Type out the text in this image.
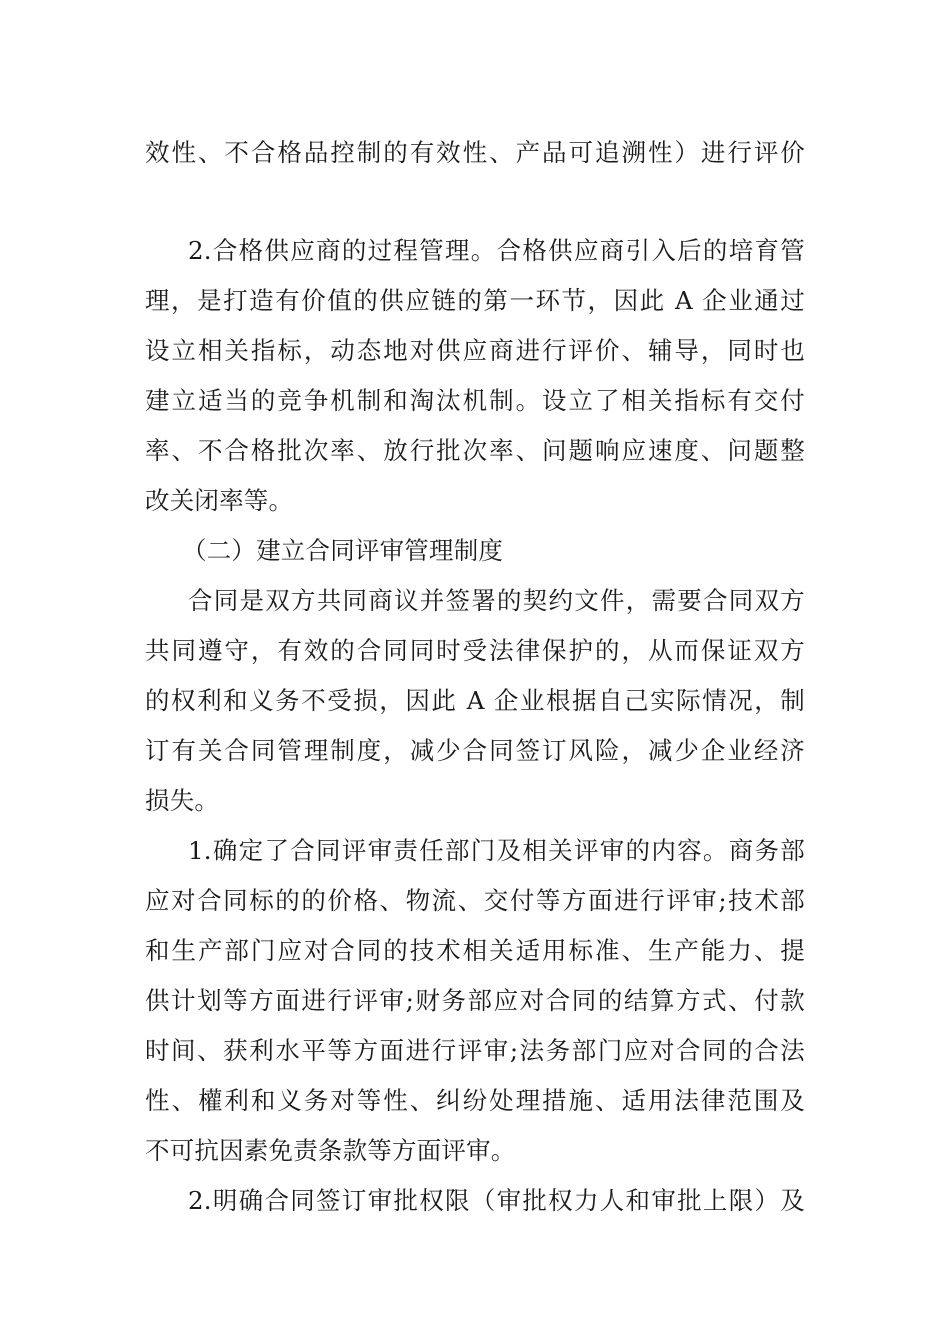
效性、不合格品控制的有效性、产品可追溯性）进行评价
2.合格供应商的过程管理。合格供应商引入后的培育管
理，是打造有价值的供应链的第一环节，因此 A 企业通过
设立相关指标，动态地对供应商进行评价、辅导，同时也
建立适当的竞争机制和淘汰机制。设立了相关指标有交付
率、不合格批次率、放行批次率、问题响应速度、问题整
改关闭率等。
（二）建立合同评审管理制度
合同是双方共同商议并签署的契约文件，需要合同双方
共同遵守，有效的合同同时受法律保护的，从而保证双方
的权利和义务不受损，因此 A 企业根据自己实际情况，制
订有关合同管理制度，减少合同签订风险，减少企业经济
损失。
1.确定了合同评审责任部门及相关评审的内容。商务部
应对合同标的的价格、物流、交付等方面进行评审;技术部
和生产部门应对合同的技术相关适用标准、生产能力、提
供计划等方面进行评审;财务部应对合同的结算方式、付款
时间、获利水平等方面进行评审;法务部门应对合同的合法
性、權利和义务对等性、纠纷处理措施、适用法律范围及
不可抗因素免责条款等方面评审。
2.明确合同签订审批权限（审批权力人和审批上限）及
